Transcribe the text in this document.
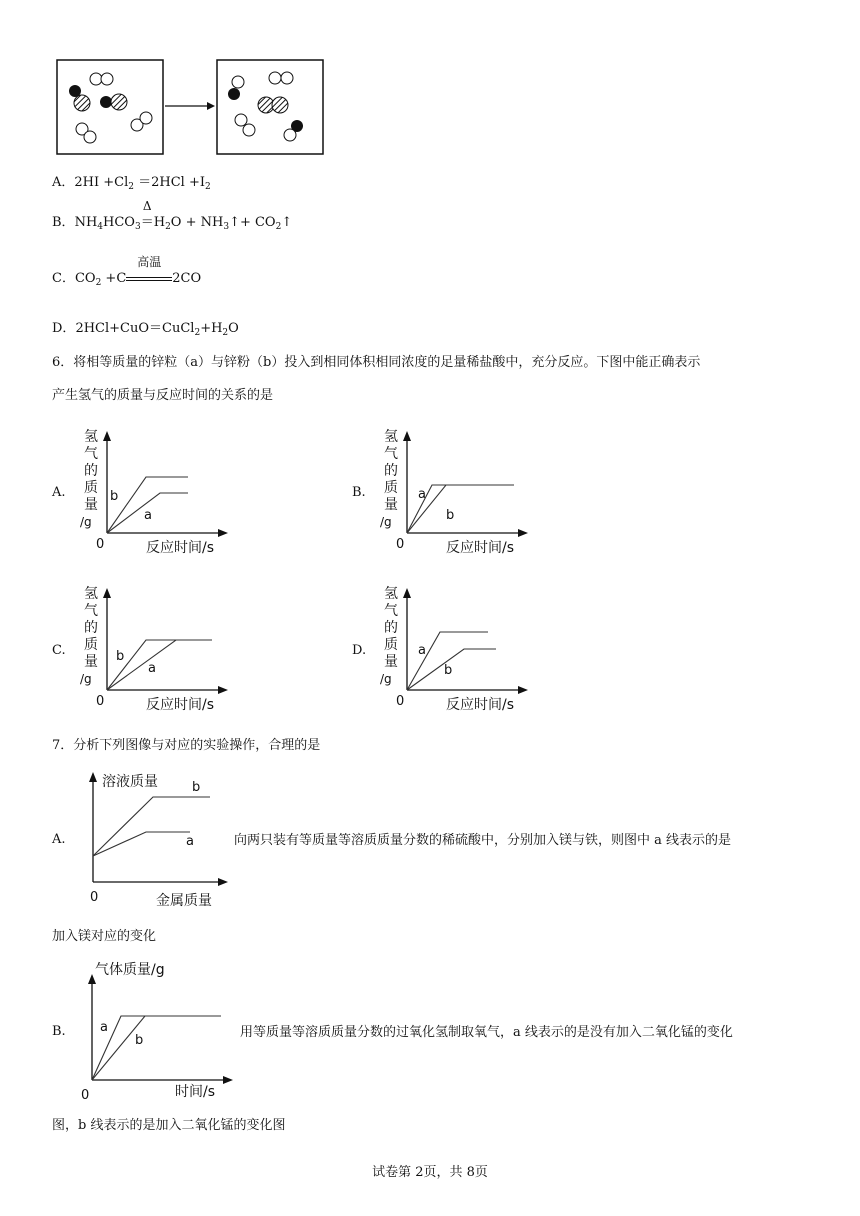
A．$2HI +Cl_2 =2HCl +I_2$
B．$NH_4HCO_3$
Δ
$=H_2O$ + $NH_3↑+$ $CO_2↑$
C．$CO_2 +C$
高温
2CO
D．$2HCl+CuO=CuCl_2+H_2O$
6．将相等质量的锌粒（a）与锌粉（b）投入到相同体积相同浓度的足量稀盐酸中，充分反应。下图中能正确表示
产生氢气的质量与反应时间的关系的是
A.
氢
气
的
质
量
/g
b
a
0	反应时间/s
B.
氢
气
的
质
量
/g
a
b
0	反应时间/s
C.
氢
气
的
质
量
/g
b
a
0	反应时间/s
D.
氢
气
的
质
量
/g
a
b
0	反应时间/s
7．分析下列图像与对应的实验操作，合理的是
A.
溶液质量	b
a
0	金属质量
向两只装有等质量等溶质质量分数的稀硫酸中，分别加入镁与铁，则图中 a 线表示的是
加入镁对应的变化
B.
气体质量/g
a
b
0	时间/s
用等质量等溶质质量分数的过氧化氢制取氧气，a 线表示的是没有加入二氧化锰的变化
图，b 线表示的是加入二氧化锰的变化图
试卷第 2页，共 8页
